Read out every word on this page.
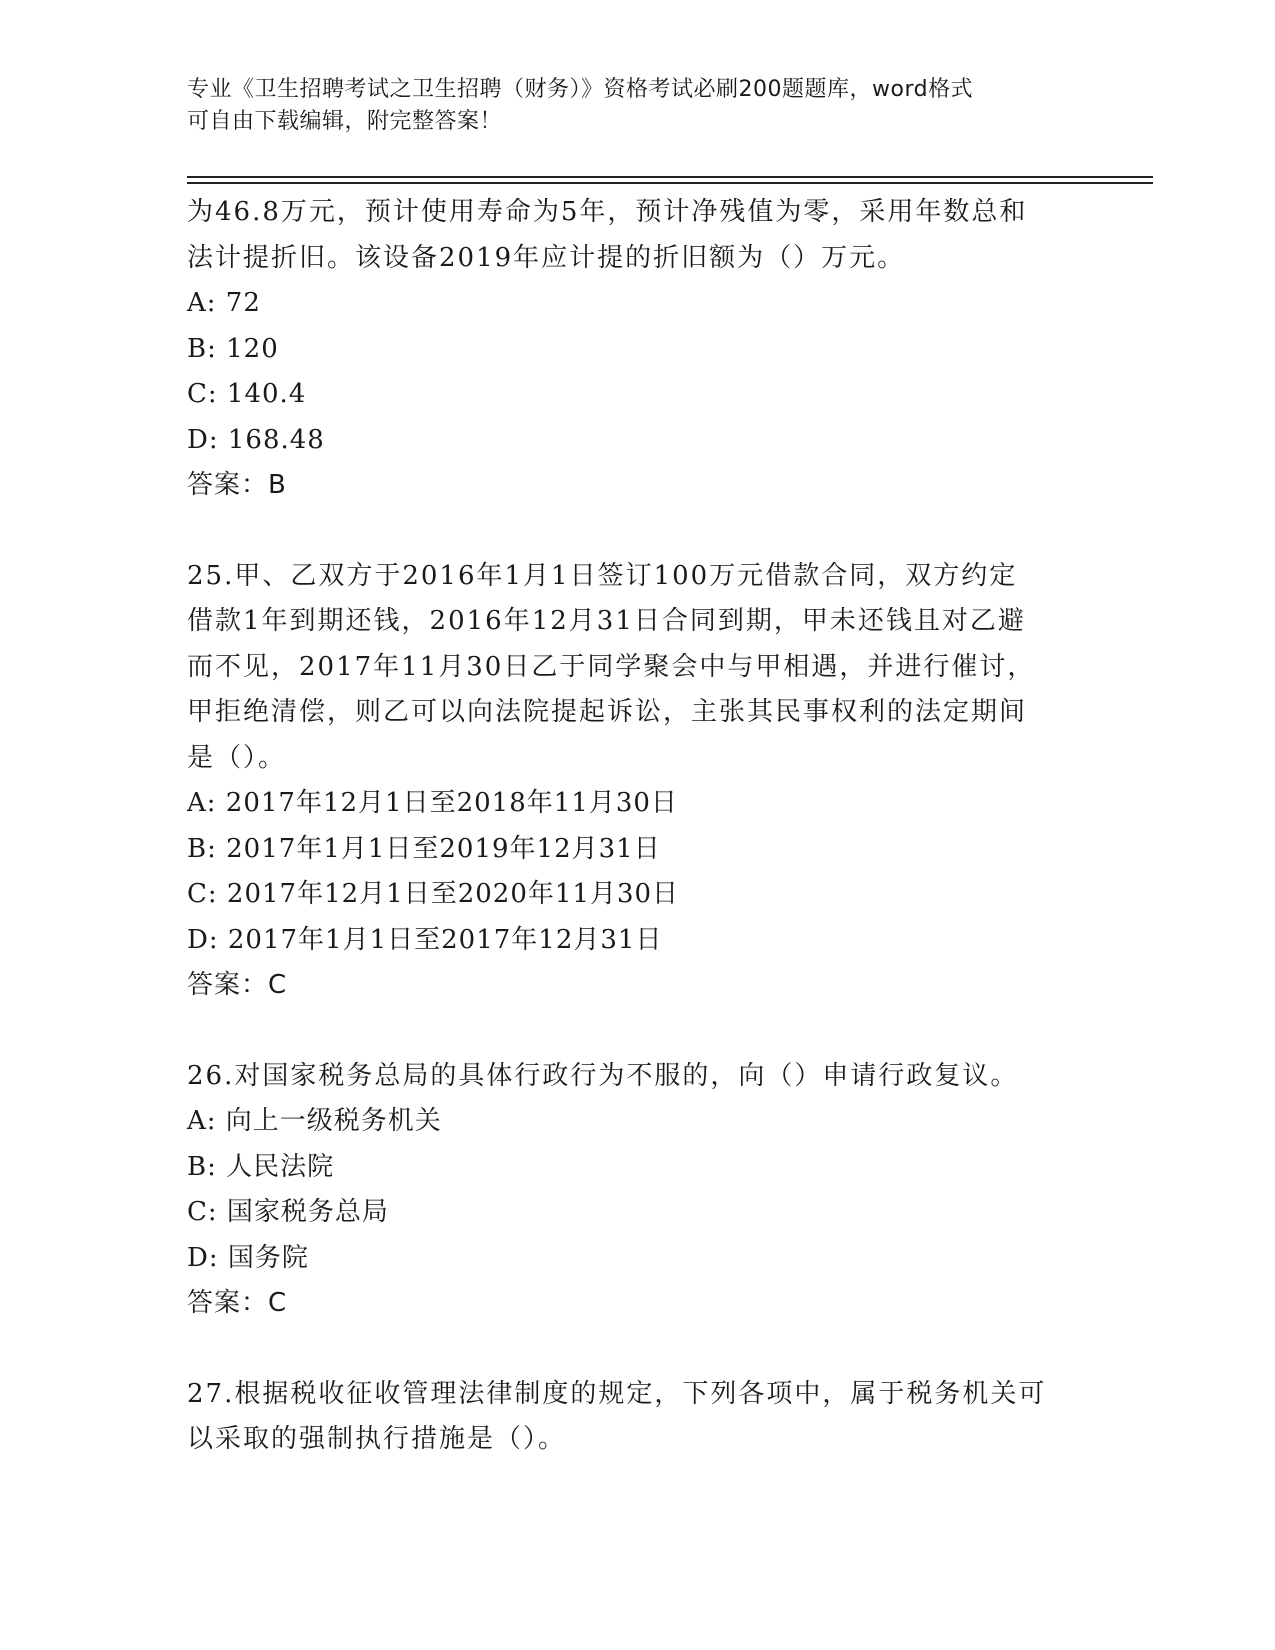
专业《卫生招聘考试之卫生招聘（财务）》资格考试必刷200题题库，word格式
可自由下载编辑，附完整答案！
为46.8万元，预计使用寿命为5年，预计净残值为零，采用年数总和
法计提折旧。该设备2019年应计提的折旧额为（）万元。
A: 72
B: 120
C: 140.4
D: 168.48
答案：B
25.甲、乙双方于2016年1月1日签订100万元借款合同，双方约定
借款1年到期还钱，2016年12月31日合同到期，甲未还钱且对乙避
而不见，2017年11月30日乙于同学聚会中与甲相遇，并进行催讨，
甲拒绝清偿，则乙可以向法院提起诉讼，主张其民事权利的法定期间
是（）。
A: 2017年12月1日至2018年11月30日
B: 2017年1月1日至2019年12月31日
C: 2017年12月1日至2020年11月30日
D: 2017年1月1日至2017年12月31日
答案：C
26.对国家税务总局的具体行政行为不服的，向（）申请行政复议。
A: 向上一级税务机关
B: 人民法院
C: 国家税务总局
D: 国务院
答案：C
27.根据税收征收管理法律制度的规定，下列各项中，属于税务机关可
以采取的强制执行措施是（）。
